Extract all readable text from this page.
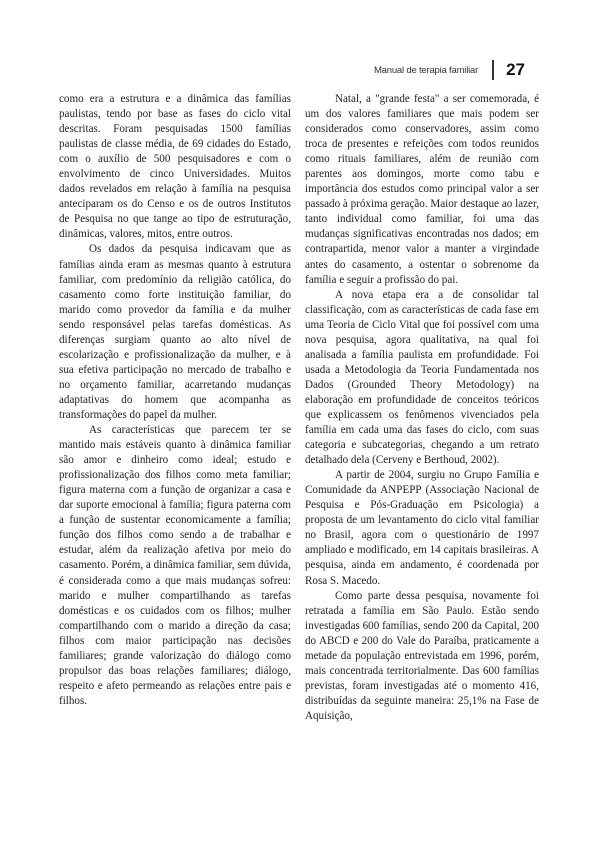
Manual de terapia familiar 27

como era a estrutura e a dinâmica das famílias paulistas, tendo por base as fases do ciclo vital descritas. Foram pesquisadas 1500 famílias paulistas de classe média, de 69 cidades do Estado, com o auxílio de 500 pesquisadores e com o envolvimento de cinco Universidades. Muitos dados revelados em relação à família na pesquisa anteciparam os do Censo e os de outros Institutos de Pesquisa no que tange ao tipo de estruturação, dinâmicas, valores, mitos, entre outros.

Os dados da pesquisa indicavam que as famílias ainda eram as mesmas quanto à estrutura familiar, com predomínio da religião católica, do casamento como forte instituição familiar, do marido como provedor da família e da mulher sendo responsável pelas tarefas domésticas. As diferenças surgiam quanto ao alto nível de escolarização e profissionalização da mulher, e à sua efetiva participação no mercado de trabalho e no orçamento familiar, acarretando mudanças adaptativas do homem que acompanha as transformações do papel da mulher.

As características que parecem ter se mantido mais estáveis quanto à dinâmica familiar são amor e dinheiro como ideal; estudo e profissionalização dos filhos como meta familiar; figura materna com a função de organizar a casa e dar suporte emocional à família; figura paterna com a função de sustentar economicamente a família; função dos filhos como sendo a de trabalhar e estudar, além da realização afetiva por meio do casamento. Porém, a dinâmica familiar, sem dúvida, é considerada como a que mais mudanças sofreu: marido e mulher compartilhando as tarefas domésticas e os cuidados com os filhos; mulher compartilhando com o marido a direção da casa; filhos com maior participação nas decisões familiares; grande valorização do diálogo como propulsor das boas relações familiares; diálogo, respeito e afeto permeando as relações entre pais e filhos.

Natal, a "grande festa" a ser comemorada, é um dos valores familiares que mais podem ser considerados como conservadores, assim como troca de presentes e refeições com todos reunidos como rituais familiares, além de reunião com parentes aos domingos, morte como tabu e importância dos estudos como principal valor a ser passado à próxima geração. Maior destaque ao lazer, tanto individual como familiar, foi uma das mudanças significativas encontradas nos dados; em contrapartida, menor valor a manter a virgindade antes do casamento, a ostentar o sobrenome da família e seguir a profissão do pai.

A nova etapa era a de consolidar tal classificação, com as características de cada fase em uma Teoria de Ciclo Vital que foi possível com uma nova pesquisa, agora qualitativa, na qual foi analisada a família paulista em profundidade. Foi usada a Metodologia da Teoria Fundamentada nos Dados (Grounded Theory Metodology) na elaboração em profundidade de conceitos teóricos que explicassem os fenômenos vivenciados pela família em cada uma das fases do ciclo, com suas categoria e subcategorias, chegando a um retrato detalhado dela (Cerveny e Berthoud, 2002).

A partir de 2004, surgiu no Grupo Família e Comunidade da ANPEPP (Associação Nacional de Pesquisa e Pós-Graduação em Psicologia) a proposta de um levantamento do ciclo vital familiar no Brasil, agora com o questionário de 1997 ampliado e modificado, em 14 capitais brasileiras. A pesquisa, ainda em andamento, é coordenada por Rosa S. Macedo.

Como parte dessa pesquisa, novamente foi retratada a família em São Paulo. Estão sendo investigadas 600 famílias, sendo 200 da Capital, 200 do ABCD e 200 do Vale do Paraíba, praticamente a metade da população entrevistada em 1996, porém, mais concentrada territorialmente. Das 600 famílias previstas, foram investigadas até o momento 416, distribuídas da seguinte maneira: 25,1% na Fase de Aquisição,
